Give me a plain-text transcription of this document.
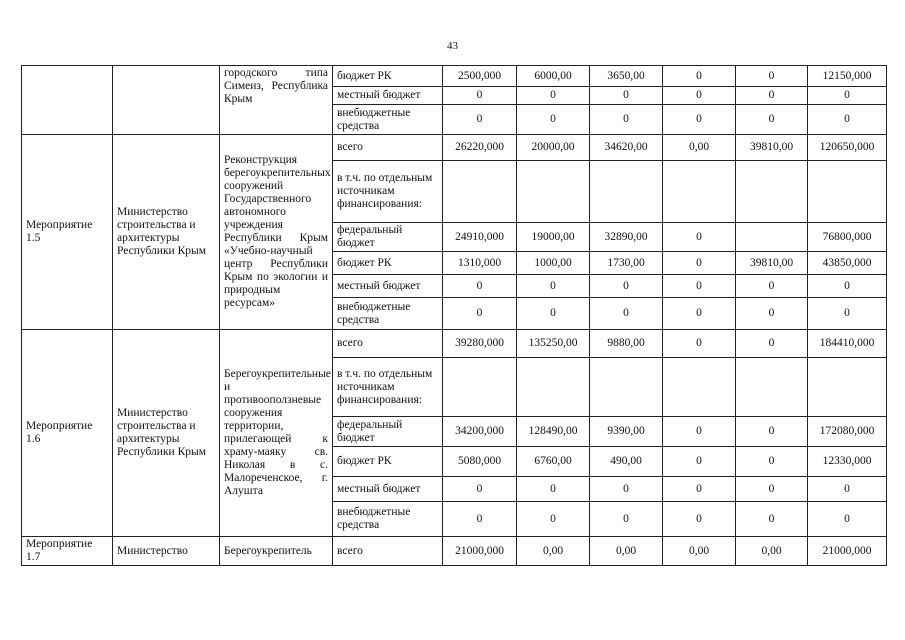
43
		городского типа Симеиз, Республика Крым	бюджет РК	2500,000	6000,00	3650,00	0	0	12150,000
			местный бюджет	0	0	0	0	0	0
			внебюджетные средства	0	0	0	0	0	0
Мероприятие 1.5	Министерство строительства и архитектуры Республики Крым	Реконструкция берегоукрепительных сооружений Государственного автономного учреждения Республики Крым «Учебно-научный центр Республики Крым по экологии и природным ресурсам»	всего	26220,000	20000,00	34620,00	0,00	39810,00	120650,000
			в т.ч. по отдельным источникам финансирования:						
			федеральный бюджет	24910,000	19000,00	32890,00	0		76800,000
			бюджет РК	1310,000	1000,00	1730,00	0	39810,00	43850,000
			местный бюджет	0	0	0	0	0	0
			внебюджетные средства	0	0	0	0	0	0
Мероприятие 1.6	Министерство строительства и архитектуры Республики Крым	Берегоукрепительные и противооползневые сооружения территории, прилегающей к храму-маяку св. Николая в с. Малореченское, г. Алушта	всего	39280,000	135250,00	9880,00	0	0	184410,000
			в т.ч. по отдельным источникам финансирования:						
			федеральный бюджет	34200,000	128490,00	9390,00	0	0	172080,000
			бюджет РК	5080,000	6760,00	490,00	0	0	12330,000
			местный бюджет	0	0	0	0	0	0
			внебюджетные средства	0	0	0	0	0	0
Мероприятие 1.7	Министерство	Берегоукрепитель	всего	21000,000	0,00	0,00	0,00	0,00	21000,000
